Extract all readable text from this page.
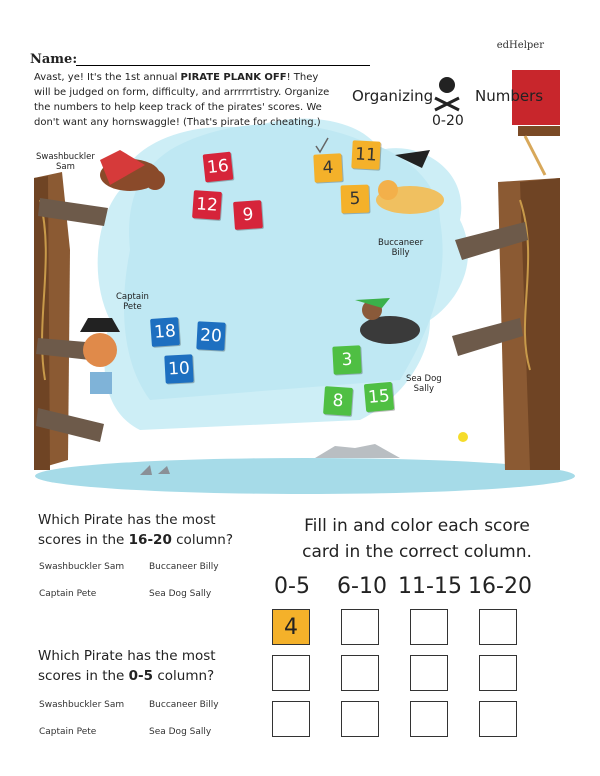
edHelper
Name:
Avast, ye! It's the 1st annual PIRATE PLANK OFF! They will be judged on form, difficulty, and arrrrrrtistry. Organize the numbers to help keep track of the pirates' scores. We don't want any hornswaggle! (That's pirate for cheating.)
Organizing	Numbers
0-20
Swashbuckler
Sam
Buccaneer
Billy
Captain
Pete
Sea Dog
Sally
16
12	9
4
11
5
18 20
10	3
8	15
Which Pirate has the most
scores in the 16-20 column?
Swashbuckler Sam	Buccaneer Billy
Captain Pete	Sea Dog Sally
Which Pirate has the most
scores in the 0-5 column?
Swashbuckler Sam	Buccaneer Billy
Captain Pete	Sea Dog Sally
Fill in and color each score
card in the correct column.
0-5	6-10 11-15 16-20
4
